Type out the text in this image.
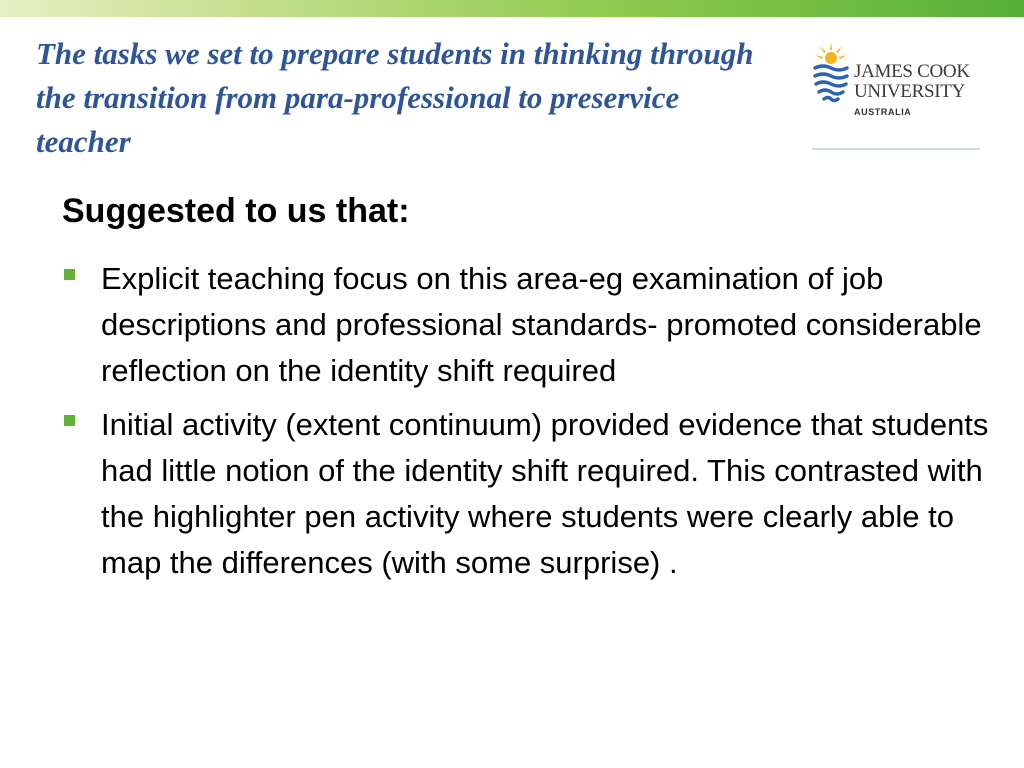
The tasks we set to prepare students in thinking through the transition from para-professional to preservice teacher
JAMES COOK
UNIVERSITY
AUSTRALIA
Suggested to us that:
Explicit teaching focus on this area-eg examination of job descriptions and professional standards- promoted considerable reflection on the identity shift required
Initial activity (extent continuum) provided evidence that students had little notion of the identity shift required. This contrasted with the highlighter pen activity where students were clearly able to map the differences (with some surprise) .
